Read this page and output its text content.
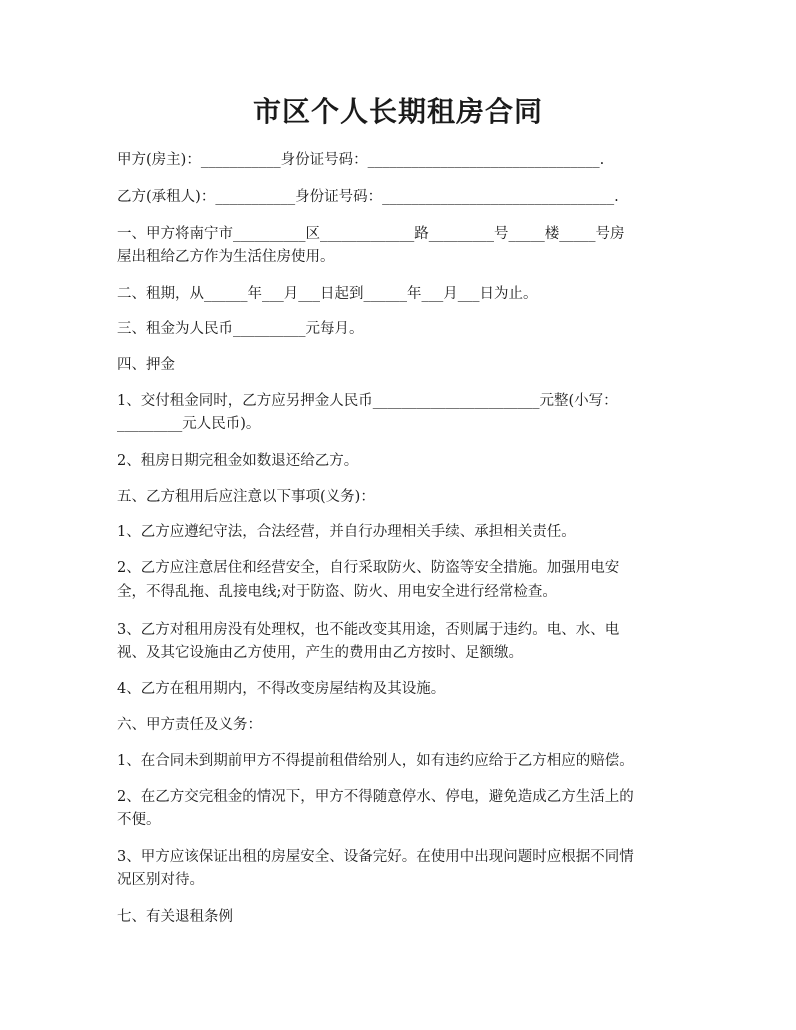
市区个人长期租房合同
甲方(房主)：___________身份证号码：________________________________.
乙方(承租人)：___________身份证号码：________________________________.
一、甲方将南宁市__________区_____________路_________号_____楼_____号房
屋出租给乙方作为生活住房使用。
二、租期，从______年___月___日起到______年___月___日为止。
三、租金为人民币__________元每月。
四、押金
1、交付租金同时，乙方应另押金人民币_______________________元整(小写：
_________元人民币)。
2、租房日期完租金如数退还给乙方。
五、乙方租用后应注意以下事项(义务)：
1、乙方应遵纪守法，合法经营，并自行办理相关手续、承担相关责任。
2、乙方应注意居住和经营安全，自行采取防火、防盗等安全措施。加强用电安
全，不得乱拖、乱接电线;对于防盗、防火、用电安全进行经常检查。
3、乙方对租用房没有处理权，也不能改变其用途，否则属于违约。电、水、电
视、及其它设施由乙方使用，产生的费用由乙方按时、足额缴。
4、乙方在租用期内，不得改变房屋结构及其设施。
六、甲方责任及义务：
1、在合同未到期前甲方不得提前租借给别人，如有违约应给于乙方相应的赔偿。
2、在乙方交完租金的情况下，甲方不得随意停水、停电，避免造成乙方生活上的
不便。
3、甲方应该保证出租的房屋安全、设备完好。在使用中出现问题时应根据不同情
况区别对待。
七、有关退租条例
